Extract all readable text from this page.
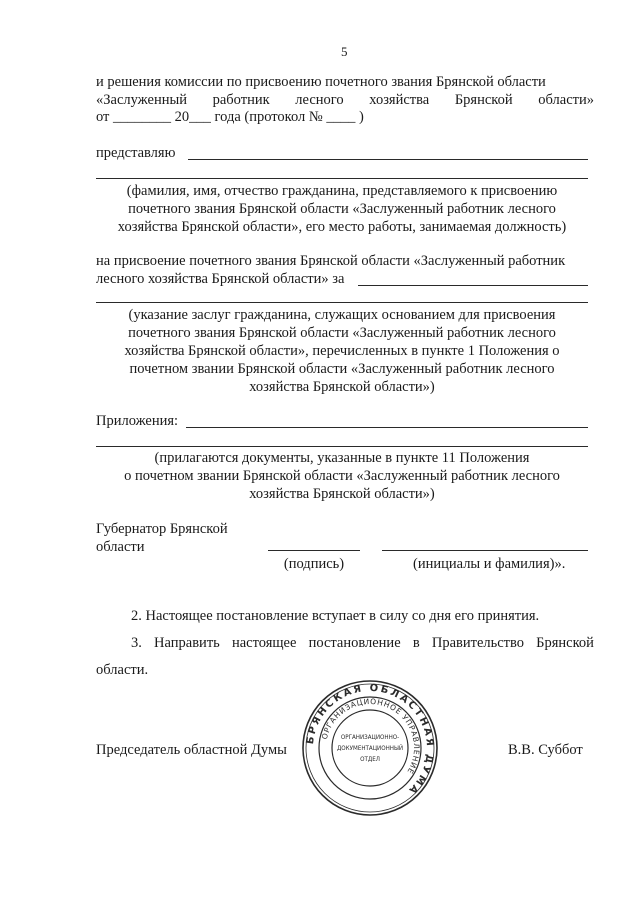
5
и решения комиссии по присвоению почетного звания Брянской области
«Заслуженный работник лесного хозяйства Брянской области»
от ________ 20___ года (протокол № ____ )
представляю
(фамилия, имя, отчество гражданина, представляемого к присвоению
почетного звания Брянской области «Заслуженный работник лесного
хозяйства Брянской области», его место работы, занимаемая должность)
на присвоение почетного звания Брянской области «Заслуженный работник
лесного хозяйства Брянской области» за
(указание заслуг гражданина, служащих основанием для присвоения
почетного звания Брянской области «Заслуженный работник лесного
хозяйства Брянской области», перечисленных в пункте 1 Положения о
почетном звании Брянской области «Заслуженный работник лесного
хозяйства Брянской области»)
Приложения:
(прилагаются документы, указанные в пункте 11 Положения
о почетном звании Брянской области «Заслуженный работник лесного
хозяйства Брянской области»)
Губернатор Брянской
области
(подпись)	(инициалы и фамилия)».
2. Настоящее постановление вступает в силу со дня его принятия.
3. Направить настоящее постановление в Правительство Брянской
области.
БРЯНСКАЯ ОБЛАСТНАЯ ДУМА
ОРГАНИЗАЦИОННОЕ УПРАВЛЕНИЕ
ОРГАНИЗАЦИОННО-
ДОКУМЕНТАЦИОННЫЙ
ОТДЕЛ
Председатель областной Думы	В.В. Суббот
